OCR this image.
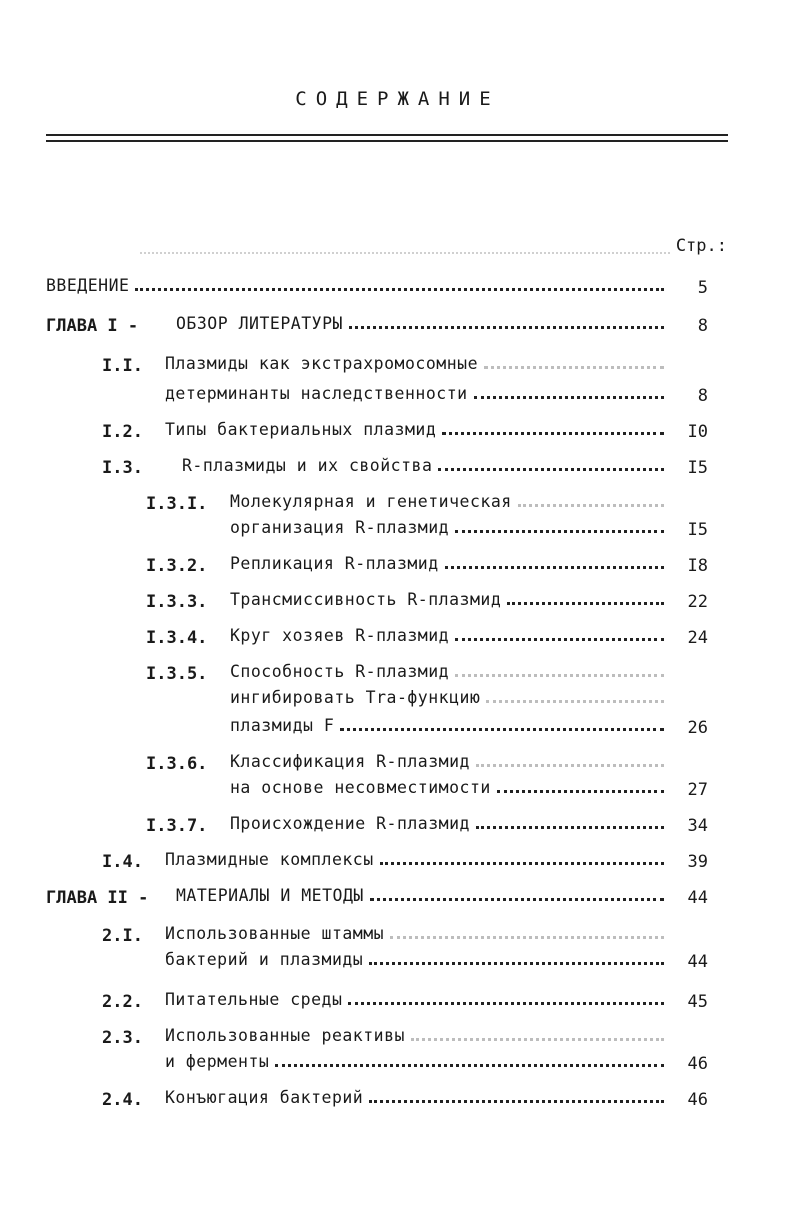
СОДЕРЖАНИЕ
Стр.:
ВВЕДЕНИЕ	5
ГЛАВА I - ОБЗОР ЛИТЕРАТУРЫ	8
I.I. Плазмиды как экстрахромосомные
детерминанты наследственности	8
I.2. Типы бактериальных плазмид	I0
I.3. R-плазмиды и их свойства	I5
I.3.I. Молекулярная и генетическая
организация R-плазмид	I5
I.3.2. Репликация R-плазмид	I8
I.3.3. Трансмиссивность R-плазмид	22
I.3.4. Круг хозяев R-плазмид	24
I.3.5. Способность R-плазмид
ингибировать Tra-функцию
плазмиды F	26
I.3.6. Классификация R-плазмид
на основе несовместимости	27
I.3.7. Происхождение R-плазмид	34
I.4. Плазмидные комплексы	39
ГЛАВА II - МАТЕРИАЛЫ И МЕТОДЫ	44
2.I. Использованные штаммы
бактерий и плазмиды	44
2.2. Питательные среды	45
2.3. Использованные реактивы
и ферменты	46
2.4. Конъюгация бактерий	46
